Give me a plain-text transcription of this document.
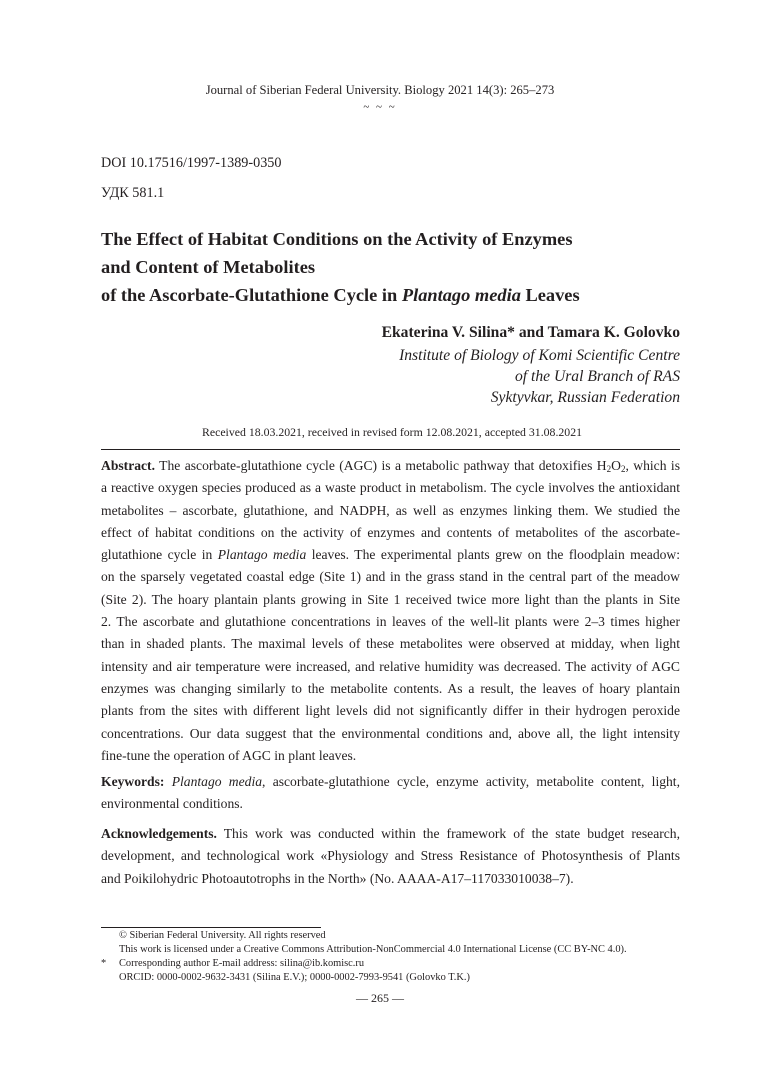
Journal of Siberian Federal University. Biology 2021 14(3): 265–273
~ ~ ~
DOI 10.17516/1997-1389-0350
УДК 581.1
The Effect of Habitat Conditions on the Activity of Enzymes
and Content of Metabolites
of the Ascorbate-Glutathione Cycle in Plantago media Leaves
Ekaterina V. Silina* and Tamara K. Golovko
Institute of Biology of Komi Scientific Centre
of the Ural Branch of RAS
Syktyvkar, Russian Federation
Received 18.03.2021, received in revised form 12.08.2021, accepted 31.08.2021
Abstract. The ascorbate-glutathione cycle (AGC) is a metabolic pathway that detoxifies $H_2O_2$, which is
a reactive oxygen species produced as a waste product in metabolism. The cycle involves the antioxidant
metabolites – ascorbate, glutathione, and NADPH, as well as enzymes linking them. We studied the
effect of habitat conditions on the activity of enzymes and contents of metabolites of the ascorbate-
glutathione cycle in Plantago media leaves. The experimental plants grew on the floodplain meadow:
on the sparsely vegetated coastal edge (Site 1) and in the grass stand in the central part of the meadow
(Site 2). The hoary plantain plants growing in Site 1 received twice more light than the plants in Site
2. The ascorbate and glutathione concentrations in leaves of the well-lit plants were 2–3 times higher
than in shaded plants. The maximal levels of these metabolites were observed at midday, when light
intensity and air temperature were increased, and relative humidity was decreased. The activity of AGC
enzymes was changing similarly to the metabolite contents. As a result, the leaves of hoary plantain
plants from the sites with different light levels did not significantly differ in their hydrogen peroxide
concentrations. Our data suggest that the environmental conditions and, above all, the light intensity
fine-tune the operation of AGC in plant leaves.
Keywords: Plantago media, ascorbate-glutathione cycle, enzyme activity, metabolite content, light,
environmental conditions.
Acknowledgements. This work was conducted within the framework of the state budget research,
development, and technological work «Physiology and Stress Resistance of Photosynthesis of Plants
and Poikilohydric Photoautotrophs in the North» (No. AAAA-A17–117033010038–7).
© Siberian Federal University. All rights reserved
This work is licensed under a Creative Commons Attribution-NonCommercial 4.0 International License (CC BY-NC 4.0).
* Corresponding author E-mail address: silina@ib.komisc.ru
ORCID: 0000-0002-9632-3431 (Silina E.V.); 0000-0002-7993-9541 (Golovko T.K.)
— 265 —
